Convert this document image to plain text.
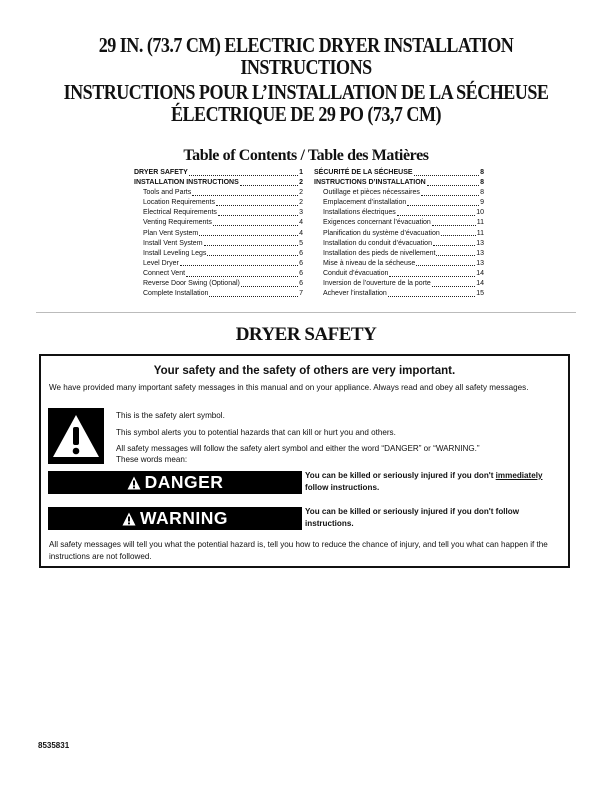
29 IN. (73.7 CM) ELECTRIC DRYER INSTALLATION INSTRUCTIONS
INSTRUCTIONS POUR L’INSTALLATION DE LA SÉCHEUSE ÉLECTRIQUE DE 29 PO (73,7 CM)
Table of Contents / Table des Matières
DRYER SAFETY	1
INSTALLATION INSTRUCTIONS	2
Tools and Parts	2
Location Requirements	2
Electrical Requirements	3
Venting Requirements	4
Plan Vent System	4
Install Vent System	5
Install Leveling Legs	6
Level Dryer	6
Connect Vent	6
Reverse Door Swing (Optional)	6
Complete Installation	7
SÉCURITÉ DE LA SÉCHEUSE	8
INSTRUCTIONS D’INSTALLATION	8
Outillage et pièces nécessaires	8
Emplacement d’installation	9
Installations électriques	10
Exigences concernant l’évacuation	11
Planification du système d’évacuation	11
Installation du conduit d’évacuation	13
Installation des pieds de nivellement	13
Mise à niveau de la sécheuse	13
Conduit d’évacuation	14
Inversion de l’ouverture de la porte	14
Achever l’installation	15
DRYER SAFETY
Your safety and the safety of others are very important.
We have provided many important safety messages in this manual and on your appliance. Always read and obey all safety messages.
This is the safety alert symbol.
This symbol alerts you to potential hazards that can kill or hurt you and others.
All safety messages will follow the safety alert symbol and either the word “DANGER” or “WARNING.”
These words mean:
DANGER	You can be killed or seriously injured if you don't immediately
follow instructions.
WARNING	You can be killed or seriously injured if you don't follow instructions.
All safety messages will tell you what the potential hazard is, tell you how to reduce the chance of injury, and tell you what can happen if the instructions are not followed.
8535831
